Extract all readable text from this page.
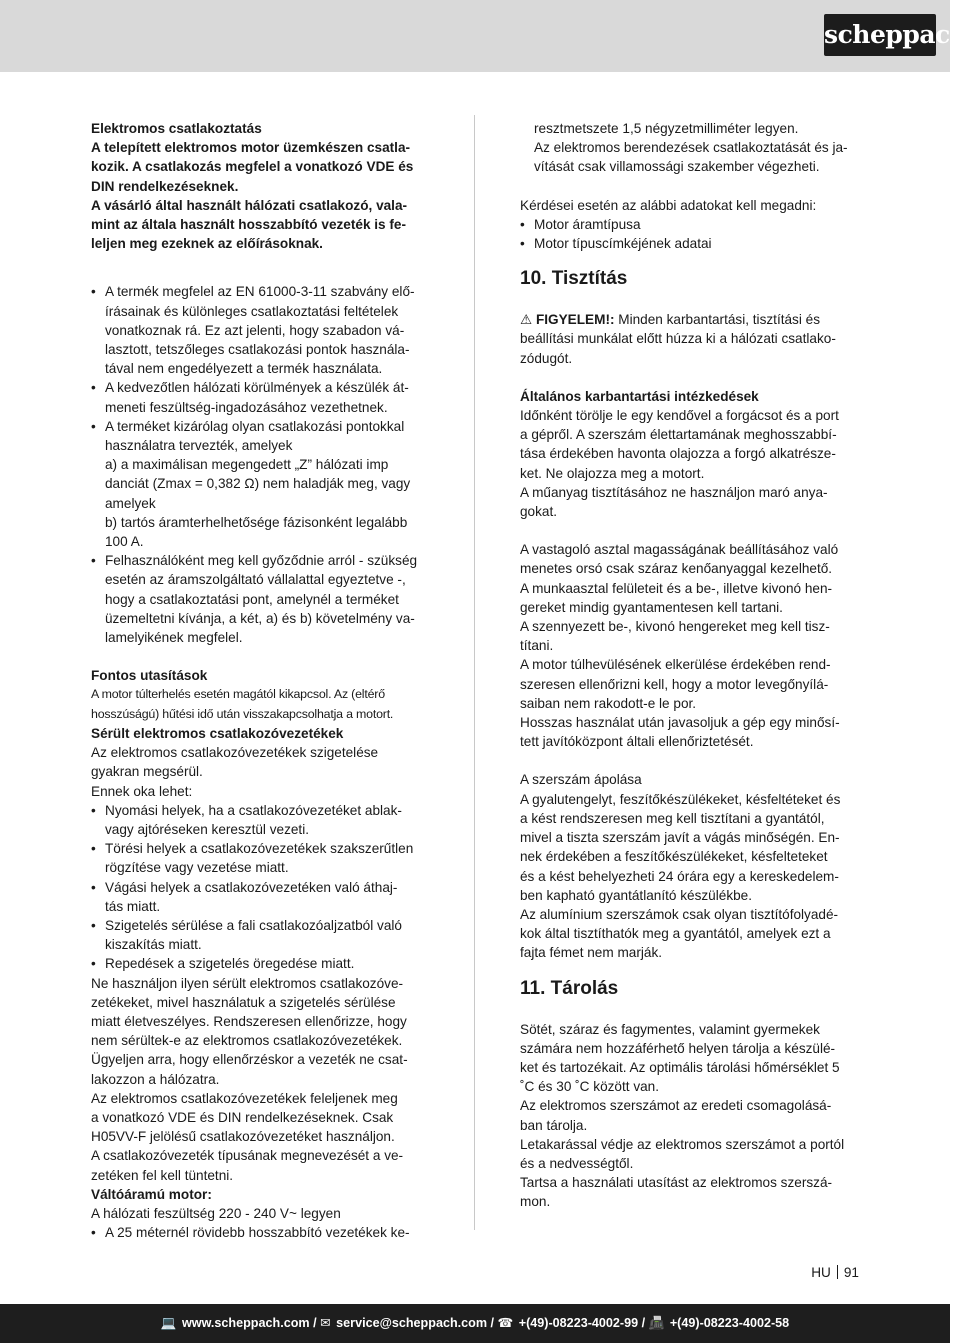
scheppach
Elektromos csatlakoztatás
A telepített elektromos motor üzemkészen csatla-
kozik. A csatlakozás megfelel a vonatkozó VDE és
DIN rendelkezéseknek.
A vásárló által használt hálózati csatlakozó, vala-
mint az általa használt hosszabbító vezeték is fe-
leljen meg ezeknek az előírásoknak.
• A termék megfelel az EN 61000-3-11 szabvány elő-
írásainak és különleges csatlakoztatási feltételek
vonatkoznak rá. Ez azt jelenti, hogy szabadon vá-
lasztott, tetszőleges csatlakozási pontok használa-
tával nem engedélyezett a termék használata.
• A kedvezőtlen hálózati körülmények a készülék át-
meneti feszültség-ingadozásához vezethetnek.
• A terméket kizárólag olyan csatlakozási pontokkal
használatra tervezték, amelyek
a) a maximálisan megengedett „Z” hálózati imp
danciát (Zmax = 0,382 Ω) nem haladják meg, vagy
amelyek
b) tartós áramterhelhetősége fázisonként legalább
100 A.
• Felhasználóként meg kell győződnie arról - szükség
esetén az áramszolgáltató vállalattal egyeztetve -,
hogy a csatlakoztatási pont, amelynél a terméket
üzemeltetni kívánja, a két, a) és b) követelmény va-
lamelyikének megfelel.
Fontos utasítások
A motor túlterhelés esetén magától kikapcsol. Az (eltérő
hosszúságú) hűtési idő után visszakapcsolhatja a motort.
Sérült elektromos csatlakozóvezetékek
Az elektromos csatlakozóvezetékek szigetelése
gyakran megsérül.
Ennek oka lehet:
• Nyomási helyek, ha a csatlakozóvezetéket ablak-
vagy ajtóréseken keresztül vezeti.
• Törési helyek a csatlakozóvezetékek szakszerűtlen
rögzítése vagy vezetése miatt.
• Vágási helyek a csatlakozóvezetéken való áthaj-
tás miatt.
• Szigetelés sérülése a fali csatlakozóaljzatból való
kiszakítás miatt.
• Repedések a szigetelés öregedése miatt.
Ne használjon ilyen sérült elektromos csatlakozóve-
zetékeket, mivel használatuk a szigetelés sérülése
miatt életveszélyes. Rendszeresen ellenőrizze, hogy
nem sérültek-e az elektromos csatlakozóvezetékek.
Ügyeljen arra, hogy ellenőrzéskor a vezeték ne csat-
lakozzon a hálózatra.
Az elektromos csatlakozóvezetékek feleljenek meg
a vonatkozó VDE és DIN rendelkezéseknek. Csak
H05VV-F jelölésű csatlakozóvezetéket használjon.
A csatlakozóvezeték típusának megnevezését a ve-
zetéken fel kell tüntetni.
Váltóáramú motor:
A hálózati feszültség 220 - 240 V~ legyen
• A 25 méternél rövidebb hosszabbító vezetékek ke-
resztmetszete 1,5 négyzetmilliméter legyen.
Az elektromos berendezések csatlakoztatását és ja-
vítását csak villamossági szakember végezheti.
Kérdései esetén az alábbi adatokat kell megadni:
• Motor áramtípusa
• Motor típuscímkéjének adatai
10. Tisztítás
⚠ FIGYELEM!: Minden karbantartási, tisztítási és
beállítási munkálat előtt húzza ki a hálózati csatlako-
zódugót.
Általános karbantartási intézkedések
Időnként törölje le egy kendővel a forgácsot és a port
a gépről. A szerszám élettartamának meghosszabbí-
tása érdekében havonta olajozza a forgó alkatrésze-
ket. Ne olajozza meg a motort.
A műanyag tisztításához ne használjon maró anya-
gokat.
A vastagoló asztal magasságának beállításához való
menetes orsó csak száraz kenőanyaggal kezelhető.
A munkaasztal felületeit és a be-, illetve kivonó hen-
gereket mindig gyantamentesen kell tartani.
A szennyezett be-, kivonó hengereket meg kell tisz-
títani.
A motor túlhevülésének elkerülése érdekében rend-
szeresen ellenőrizni kell, hogy a motor levegőnyílá-
saiban nem rakodott-e le por.
Hosszas használat után javasoljuk a gép egy minősí-
tett javítóközpont általi ellenőriztetését.
A szerszám ápolása
A gyalutengelyt, feszítőkészülékeket, késfeltéteket és
a kést rendszeresen meg kell tisztítani a gyantától,
mivel a tiszta szerszám javít a vágás minőségén. En-
nek érdekében a feszítőkészülékeket, késfelteteket
és a kést behelyezheti 24 órára egy a kereskedelem-
ben kapható gyantátlanító készülékbe.
Az alumínium szerszámok csak olyan tisztítófolyadé-
kok által tisztíthatók meg a gyantától, amelyek ezt a
fajta fémet nem marják.
11. Tárolás
Sötét, száraz és fagymentes, valamint gyermekek
számára nem hozzáférhető helyen tárolja a készülé-
ket és tartozékait. Az optimális tárolási hőmérséklet 5
˚C és 30 ˚C között van.
Az elektromos szerszámot az eredeti csomagolásá-
ban tárolja.
Letakarással védje az elektromos szerszámot a portól
és a nedvességtől.
Tartsa a használati utasítást az elektromos szerszá-
mon.
HU 91
💻 www.scheppach.com / ✉ service@scheppach.com / ☎ +(49)-08223-4002-99 / 📠 +(49)-08223-4002-58
